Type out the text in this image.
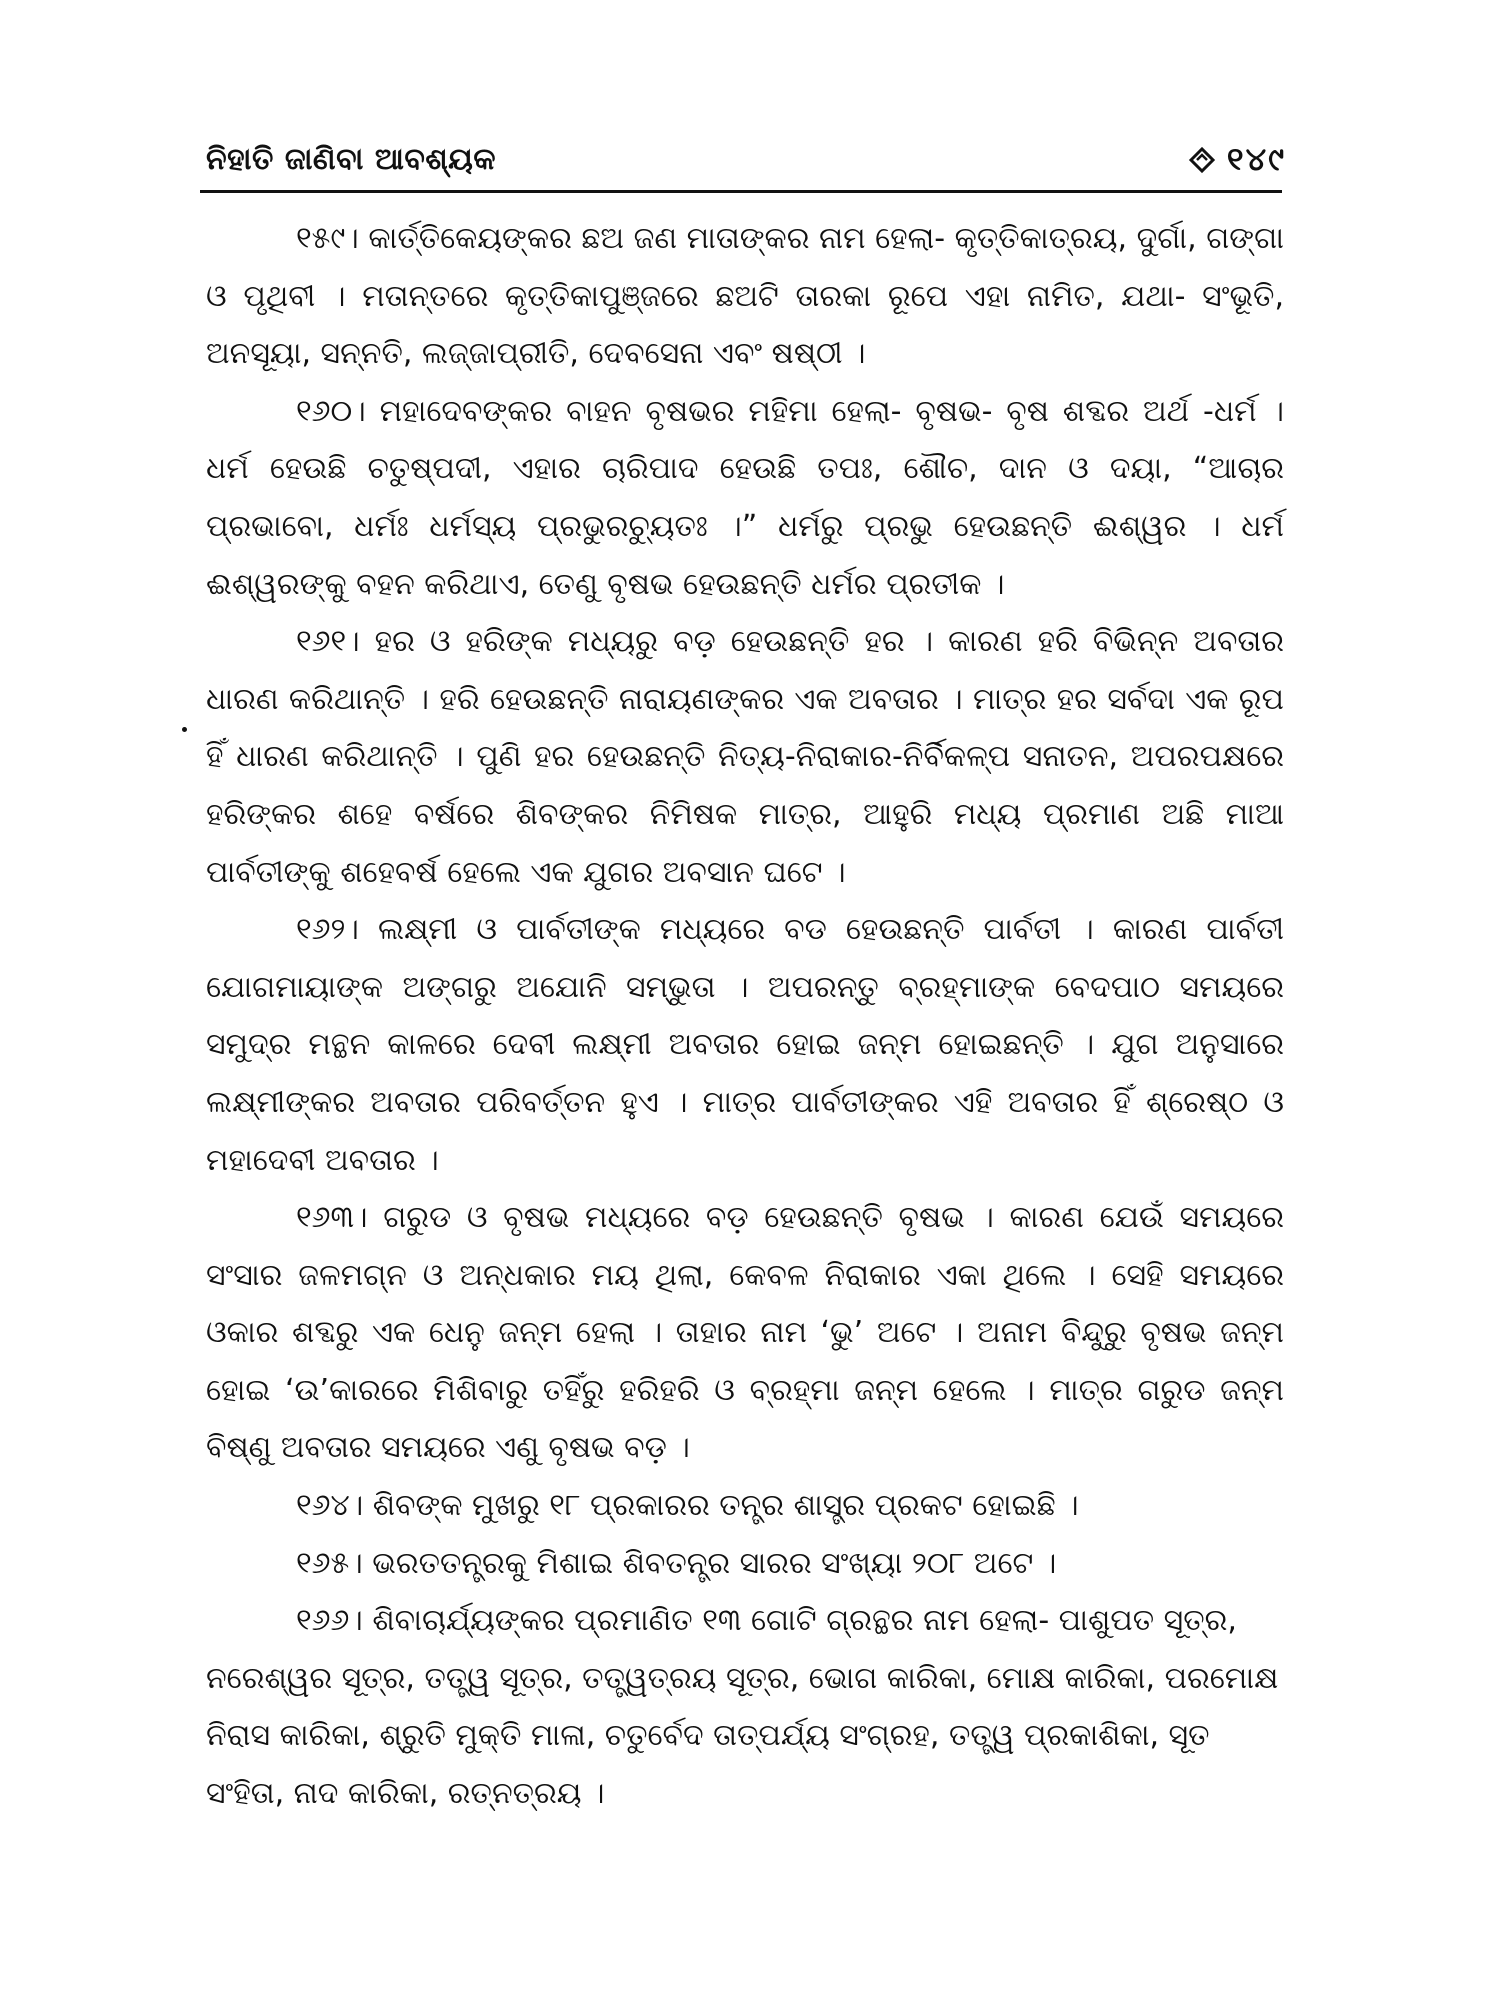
ନିହାତି ଜାଣିବା ଆବଶ୍ୟକ	୧୪୯

୧୫୯। କାର୍ତ୍ତିକେୟଙ୍କର ଛଅ ଜଣ ମାତାଙ୍କର ନାମ ହେଲା- କୃତ୍ତିକାତ୍ରୟ, ଦୁର୍ଗା, ଗଙ୍ଗା ଓ ପୃଥିବୀ । ମତାନ୍ତରେ କୃତ୍ତିକାପୁଞ୍ଜରେ ଛଅଟି ତାରକା ରୂପେ ଏହା ନାମିତ, ଯଥା- ସଂଭୂତି, ଅନସୂୟା, ସନ୍ନତି, ଲଜ୍ଜାପ୍ରୀତି, ଦେବସେନା ଏବଂ ଷଷ୍ଠୀ ।

୧୬୦। ମହାଦେବଙ୍କର ବାହନ ବୃଷଭର ମହିମା ହେଲା- ବୃଷଭ- ବୃଷ ଶବ୍ଦର ଅର୍ଥ -ଧର୍ମ । ଧର୍ମ ହେଉଛି ଚତୁଷ୍ପଦୀ, ଏହାର ଚାରିପାଦ ହେଉଛି ତପଃ, ଶୌଚ, ଦାନ ଓ ଦୟା, “ଆଚାର ପ୍ରଭାବୋ, ଧର୍ମଃ ଧର୍ମସ୍ୟ ପ୍ରଭୁରଚ୍ୟୁତଃ ।” ଧର୍ମରୁ ପ୍ରଭୁ ହେଉଛନ୍ତି ଈଶ୍ୱର । ଧର୍ମ ଈଶ୍ୱରଙ୍କୁ ବହନ କରିଥାଏ, ତେଣୁ ବୃଷଭ ହେଉଛନ୍ତି ଧର୍ମର ପ୍ରତୀକ ।

୧୬୧। ହର ଓ ହରିଙ୍କ ମଧ୍ୟରୁ ବଡ଼ ହେଉଛନ୍ତି ହର । କାରଣ ହରି ବିଭିନ୍ନ ଅବତାର ଧାରଣ କରିଥାନ୍ତି । ହରି ହେଉଛନ୍ତି ନାରାୟଣଙ୍କର ଏକ ଅବତାର । ମାତ୍ର ହର ସର୍ବଦା ଏକ ରୂପ ହିଁ ଧାରଣ କରିଥାନ୍ତି । ପୁଣି ହର ହେଉଛନ୍ତି ନିତ୍ୟ-ନିରାକାର-ନିର୍ବିକଳ୍ପ ସନାତନ, ଅପରପକ୍ଷରେ ହରିଙ୍କର ଶହେ ବର୍ଷରେ ଶିବଙ୍କର ନିମିଷକ ମାତ୍ର, ଆହୁରି ମଧ୍ୟ ପ୍ରମାଣ ଅଛି ମାଆ ପାର୍ବତୀଙ୍କୁ ଶହେବର୍ଷ ହେଲେ ଏକ ଯୁଗର ଅବସାନ ଘଟେ ।

୧୬୨। ଲକ୍ଷ୍ମୀ ଓ ପାର୍ବତୀଙ୍କ ମଧ୍ୟରେ ବଡ ହେଉଛନ୍ତି ପାର୍ବତୀ । କାରଣ ପାର୍ବତୀ ଯୋଗମାୟାଙ୍କ ଅଙ୍ଗରୁ ଅଯୋନି ସମ୍ଭୁତା । ଅପରନ୍ତୁ ବ୍ରହ୍ମାଙ୍କ ବେଦପାଠ ସମୟରେ ସମୁଦ୍ର ମନ୍ଥନ କାଳରେ ଦେବୀ ଲକ୍ଷ୍ମୀ ଅବତାର ହୋଇ ଜନ୍ମ ହୋଇଛନ୍ତି । ଯୁଗ ଅନୁସାରେ ଲକ୍ଷ୍ମୀଙ୍କର ଅବତାର ପରିବର୍ତ୍ତନ ହୁଏ । ମାତ୍ର ପାର୍ବତୀଙ୍କର ଏହି ଅବତାର ହିଁ ଶ୍ରେଷ୍ଠ ଓ ମହାଦେବୀ ଅବତାର ।

୧୬୩। ଗରୁଡ ଓ ବୃଷଭ ମଧ୍ୟରେ ବଡ଼ ହେଉଛନ୍ତି ବୃଷଭ । କାରଣ ଯେଉଁ ସମୟରେ ସଂସାର ଜଳମଗ୍ନ ଓ ଅନ୍ଧକାର ମୟ ଥିଲା, କେବଳ ନିରାକାର ଏକା ଥିଲେ । ସେହି ସମୟରେ ଓକାର ଶବ୍ଦରୁ ଏକ ଧେନୁ ଜନ୍ମ ହେଲା । ତାହାର ନାମ ‘ଭୁ’ ଅଟେ । ଅନାମ ବିନ୍ଦୁରୁ ବୃଷଭ ଜନ୍ମ ହୋଇ ‘ଉ’କାରରେ ମିଶିବାରୁ ତହିଁରୁ ହରିହରି ଓ ବ୍ରହ୍ମା ଜନ୍ମ ହେଲେ । ମାତ୍ର ଗରୁଡ ଜନ୍ମ ବିଷ୍ଣୁ ଅବତାର ସମୟରେ ଏଣୁ ବୃଷଭ ବଡ଼ ।

୧୬୪। ଶିବଙ୍କ ମୁଖରୁ ୧୮ ପ୍ରକାରର ତନ୍ତ୍ର ଶାସ୍ତ୍ର ପ୍ରକଟ ହୋଇଛି ।

୧୬୫। ଭରତତନ୍ତ୍ରକୁ ମିଶାଇ ଶିବତନ୍ତ୍ର ସାରର ସଂଖ୍ୟା ୨୦୮ ଅଟେ ।

୧୬୬। ଶିବାଚାର୍ଯ୍ୟଙ୍କର ପ୍ରମାଣିତ ୧୩ ଗୋଟି ଗ୍ରନ୍ଥର ନାମ ହେଲା- ପାଶୁପତ ସୂତ୍ର, ନରେଶ୍ୱର ସୂତ୍ର, ତତ୍ତ୍ୱ ସୂତ୍ର, ତତ୍ତ୍ୱତ୍ରୟ ସୂତ୍ର, ଭୋଗ କାରିକା, ମୋକ୍ଷ କାରିକା, ପରମୋକ୍ଷ ନିରାସ କାରିକା, ଶ୍ରୁତି ମୁକ୍ତି ମାଳା, ଚତୁର୍ବେଦ ତାତ୍ପର୍ଯ୍ୟ ସଂଗ୍ରହ, ତତ୍ତ୍ୱ ପ୍ରକାଶିକା, ସୂତ ସଂହିତା, ନାଦ କାରିକା, ରତ୍ନତ୍ରୟ ।
